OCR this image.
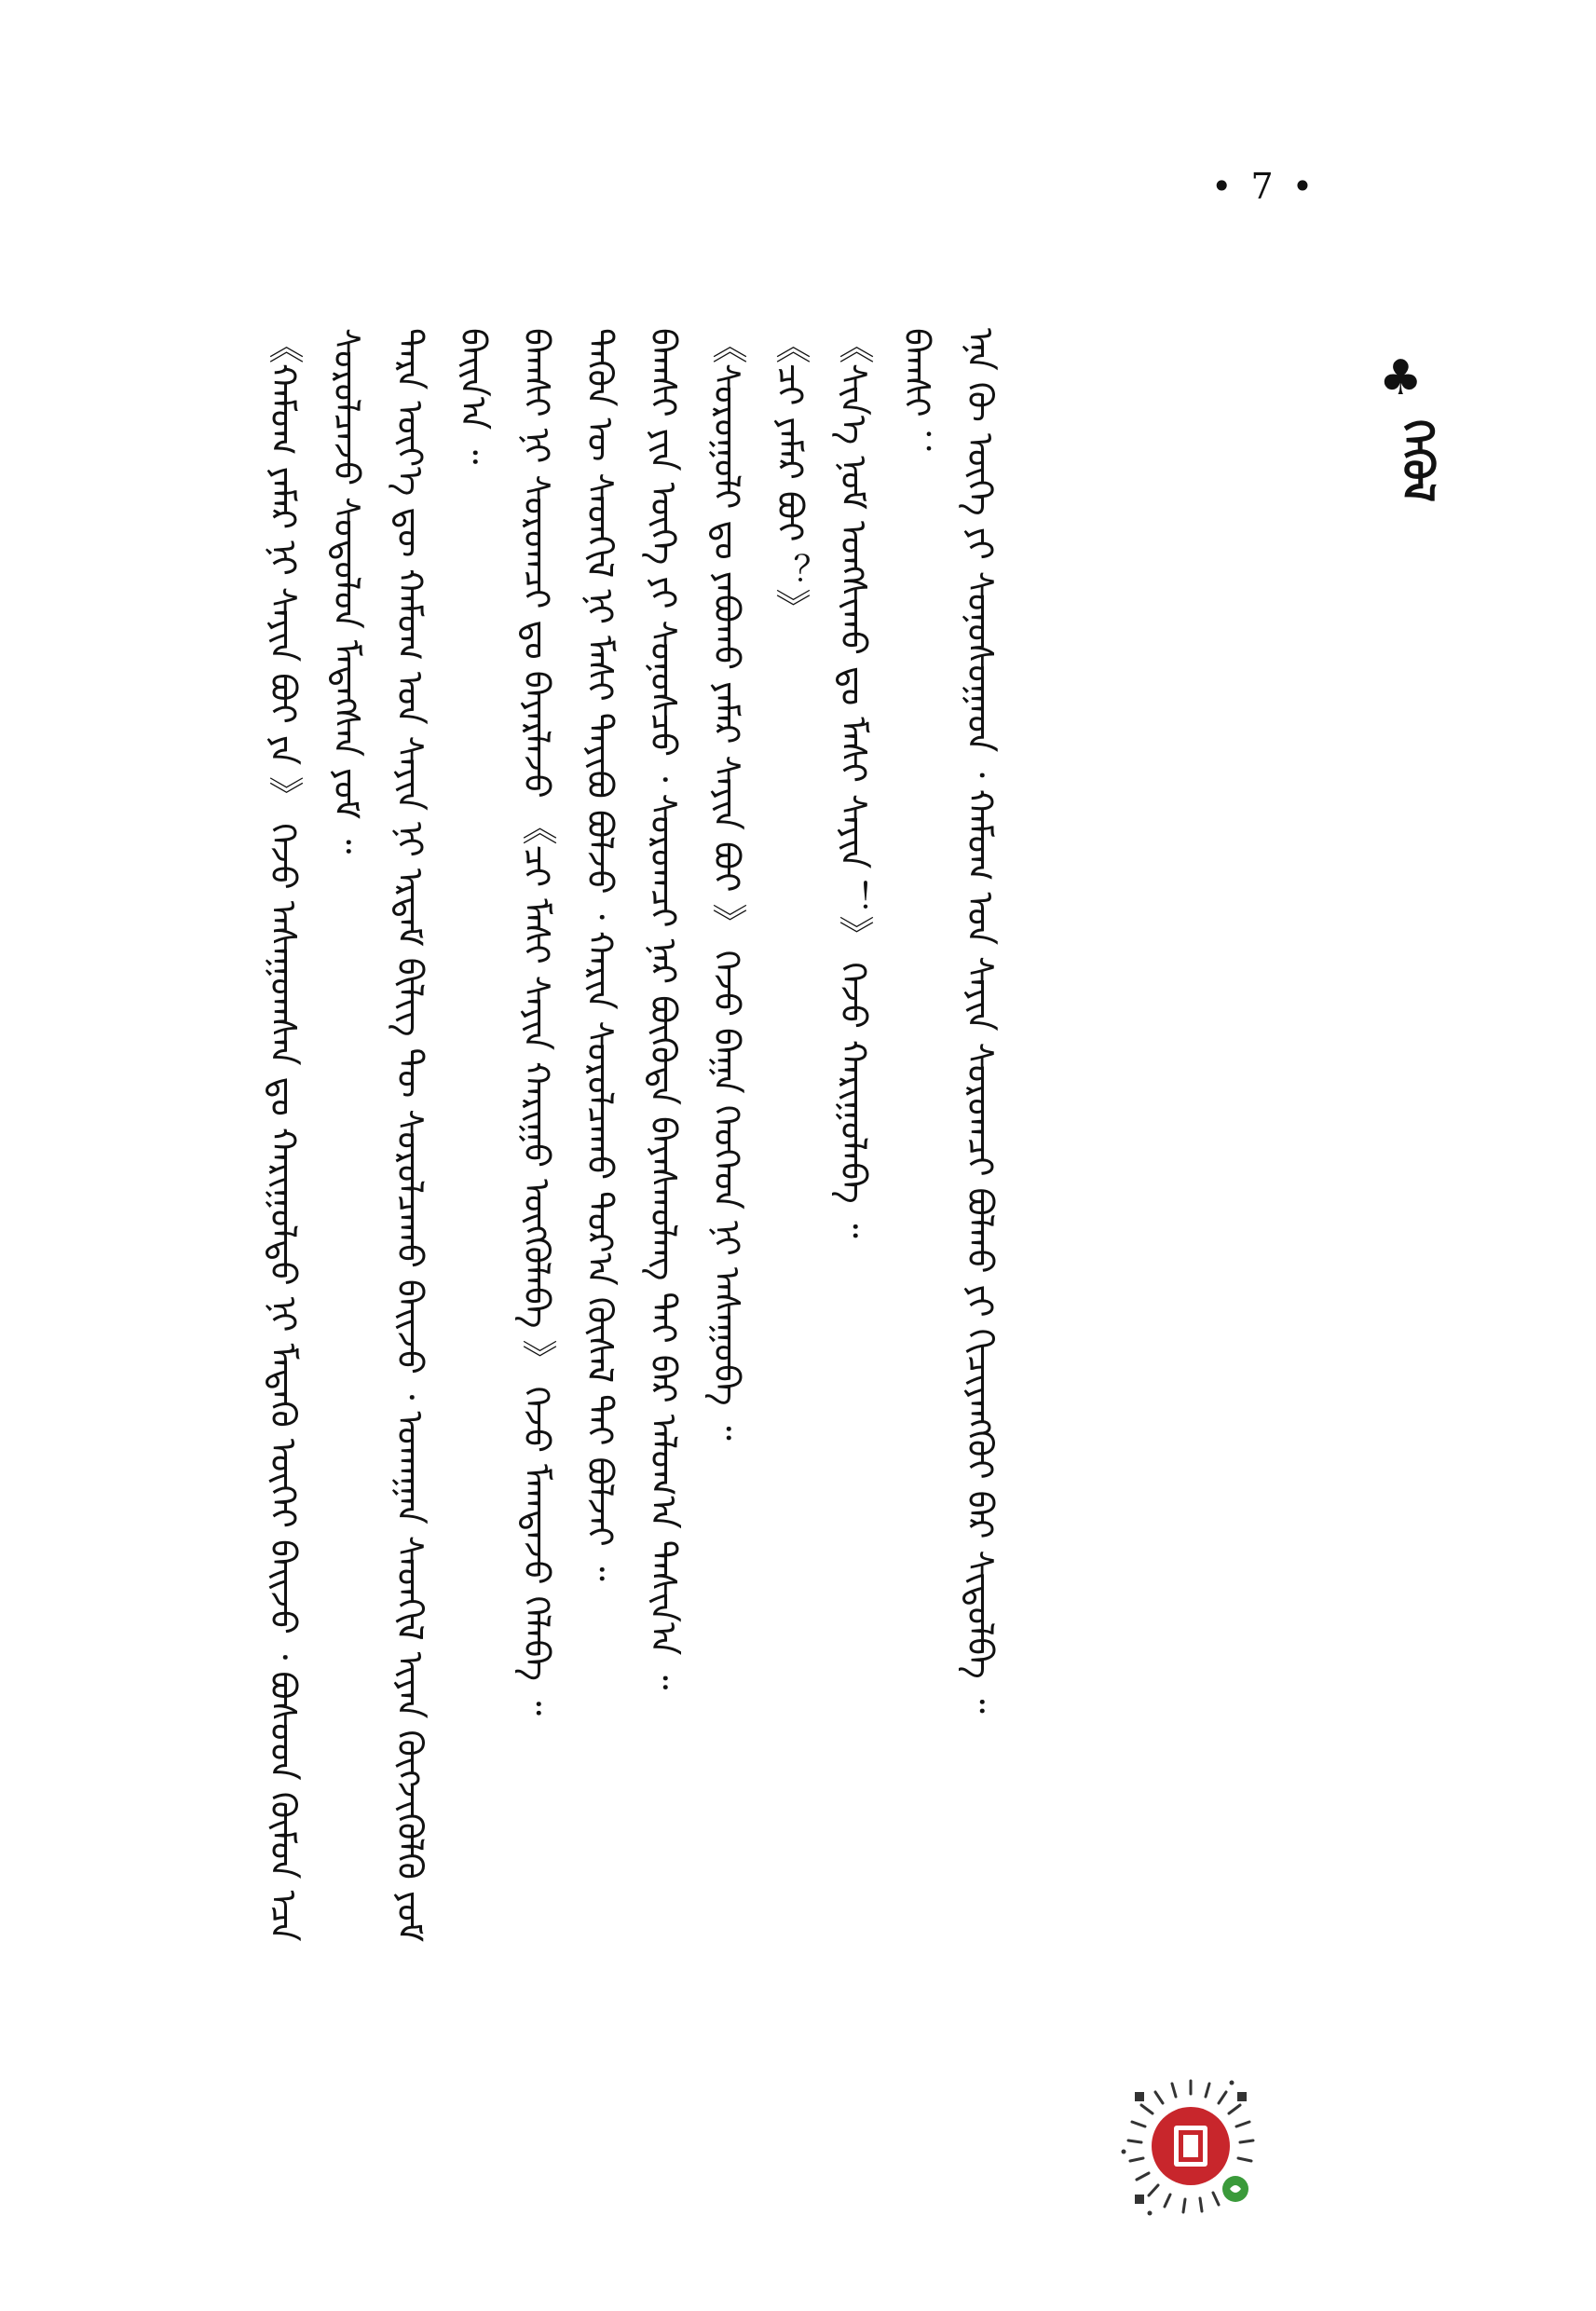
• 7 •
♣
ᠬᠡᠭᠦᠯ

《ᠬᠠᠮᠤᠭ ᠶᠠᠮᠠᠷ ᠨᠢ ᠰᠠᠶᠢᠨ ᠪᠤᠢ ᠶᠠ 》 ᠭᠡᠵᠦ ᠠᠰᠠᠭᠤᠭᠰᠠᠨ ᠳᠤ ᠬᠠᠷᠢᠭᠤᠯᠳᠤ ᠨᠢ ᠮᠡᠳᠡᠬᠦ ᠦᠭᠡᠢ ᠪᠠᠢᠵᠤ ᠂ ᠪᠤᠰᠤᠳ ᠬᠦᠮᠦᠨ ᠡᠴᠡ ᠰᠤᠷᠤᠯᠴᠠᠵᠤ ᠰᠤᠳᠤᠯᠤᠨ ᠮᠡᠳᠡᠭᠰᠡᠨ ᠶᠤᠮ ᠃ ᠲᠡᠷᠡ ᠦᠶ᠎ᠡ ᠳᠦ ᠬᠠᠮᠤᠭ ᠤᠨ ᠰᠠᠶᠢᠨ ᠨᠢ ᠡᠷᠳᠡᠮ ᠪᠢᠯᠢᠭ ᠲᠦ ᠰᠤᠷᠤᠯᠴᠠᠬᠤ ᠪᠠᠢᠵᠤ ᠂ ᠤᠬᠠᠭᠠᠨ ᠰᠡᠳᠭᠢᠯ ᠢᠶᠡᠨ ᠬᠥᠭᠵᠢᠭᠦᠯᠬᠦ ᠶᠤᠮ ᠪᠠᠢᠨ᠎ᠠ ᠃ ᠪᠠᠭᠰᠢ ᠨᠢ ᠰᠤᠷᠤᠭᠴᠢ ᠳᠤ ᠪᠠᠶᠠᠷᠯᠠᠵᠤ 《ᠴᠢ ᠮᠠᠰᠢ ᠰᠠᠶᠢᠨ ᠬᠠᠷᠢᠭᠤ ᠥᠭᠭᠦᠯᠡᠪᠡ 》 ᠭᠡᠵᠦ ᠮᠠᠭᠲᠠᠵᠤ ᠬᠡᠯᠡᠪᠡ ᠃ ᠲᠡᠭᠦᠨ ᠦ ᠰᠡᠳᠭᠢᠯ ᠨᠢ ᠮᠠᠰᠢ ᠲᠠᠶᠢᠪᠤ ᠪᠤᠯᠵᠤ ᠂ ᠬᠠᠷᠢᠨ ᠰᠤᠷᠤᠯᠴᠠᠬᠤ ᠳᠤᠷ᠎ᠠ ᠬᠦᠰᠡᠯ ᠲᠠᠢ ᠪᠤᠯᠵᠠᠢ ᠃ ᠪᠠᠭᠰᠢ ᠶᠢᠨ ᠦᠭᠡ ᠶᠢ ᠰᠣᠨᠤᠰᠴᠤ ᠂ ᠰᠤᠷᠤᠭᠴᠢ ᠨᠠᠷ ᠪᠦᠭᠦᠳᠡ ᠪᠠᠶᠠᠰᠬᠤᠯᠠᠩ ᠲᠠᠢ ᠪᠠᠷ ᠠᠯᠤᠭ᠎ᠠ ᠲᠠᠱᠢᠨ᠎ᠠ ᠃ 《ᠰᠤᠷᠤᠭᠤᠯᠢ ᠳᠤ ᠶᠠᠪᠤᠬᠤ ᠶᠠᠮᠠᠷ ᠰᠠᠶᠢᠨ ᠪᠤᠢ 》 ᠭᠡᠵᠦ ᠪᠠᠭᠠ ᠬᠡᠦᠬᠡᠳ ᠨᠢ ᠠᠰᠠᠭᠤᠪᠠ ᠃ 《ᠴᠢ ᠶᠠᠮᠠᠷ ᠪᠤᠢ ？》 《ᠰᠢᠨ᠎ᠡ ᠨᠣᠮ ᠣᠩᠰᠢᠬᠤ ᠳᠤ ᠮᠠᠰᠢ ᠰᠠᠶᠢᠨ ！》 ᠭᠡᠵᠦ ᠬᠠᠷᠢᠭᠤᠯᠠᠪᠠ ᠃ ᠪᠠᠭᠰᠢ ： ᠡᠨᠡ ᠬᠦ ᠦᠭᠡ ᠶᠢ ᠰᠣᠨᠤᠰᠤᠭᠠᠳ ᠂ ᠬᠠᠮᠤᠭ ᠤᠨ ᠰᠠᠶᠢᠨ ᠰᠤᠷᠤᠭᠴᠢ ᠪᠤᠯᠬᠤ ᠶᠢ ᠬᠢᠴᠢᠶᠡᠩᠭᠦᠢ ᠪᠠᠷ ᠰᠢᠳᠤᠯᠪᠡ ᠃
